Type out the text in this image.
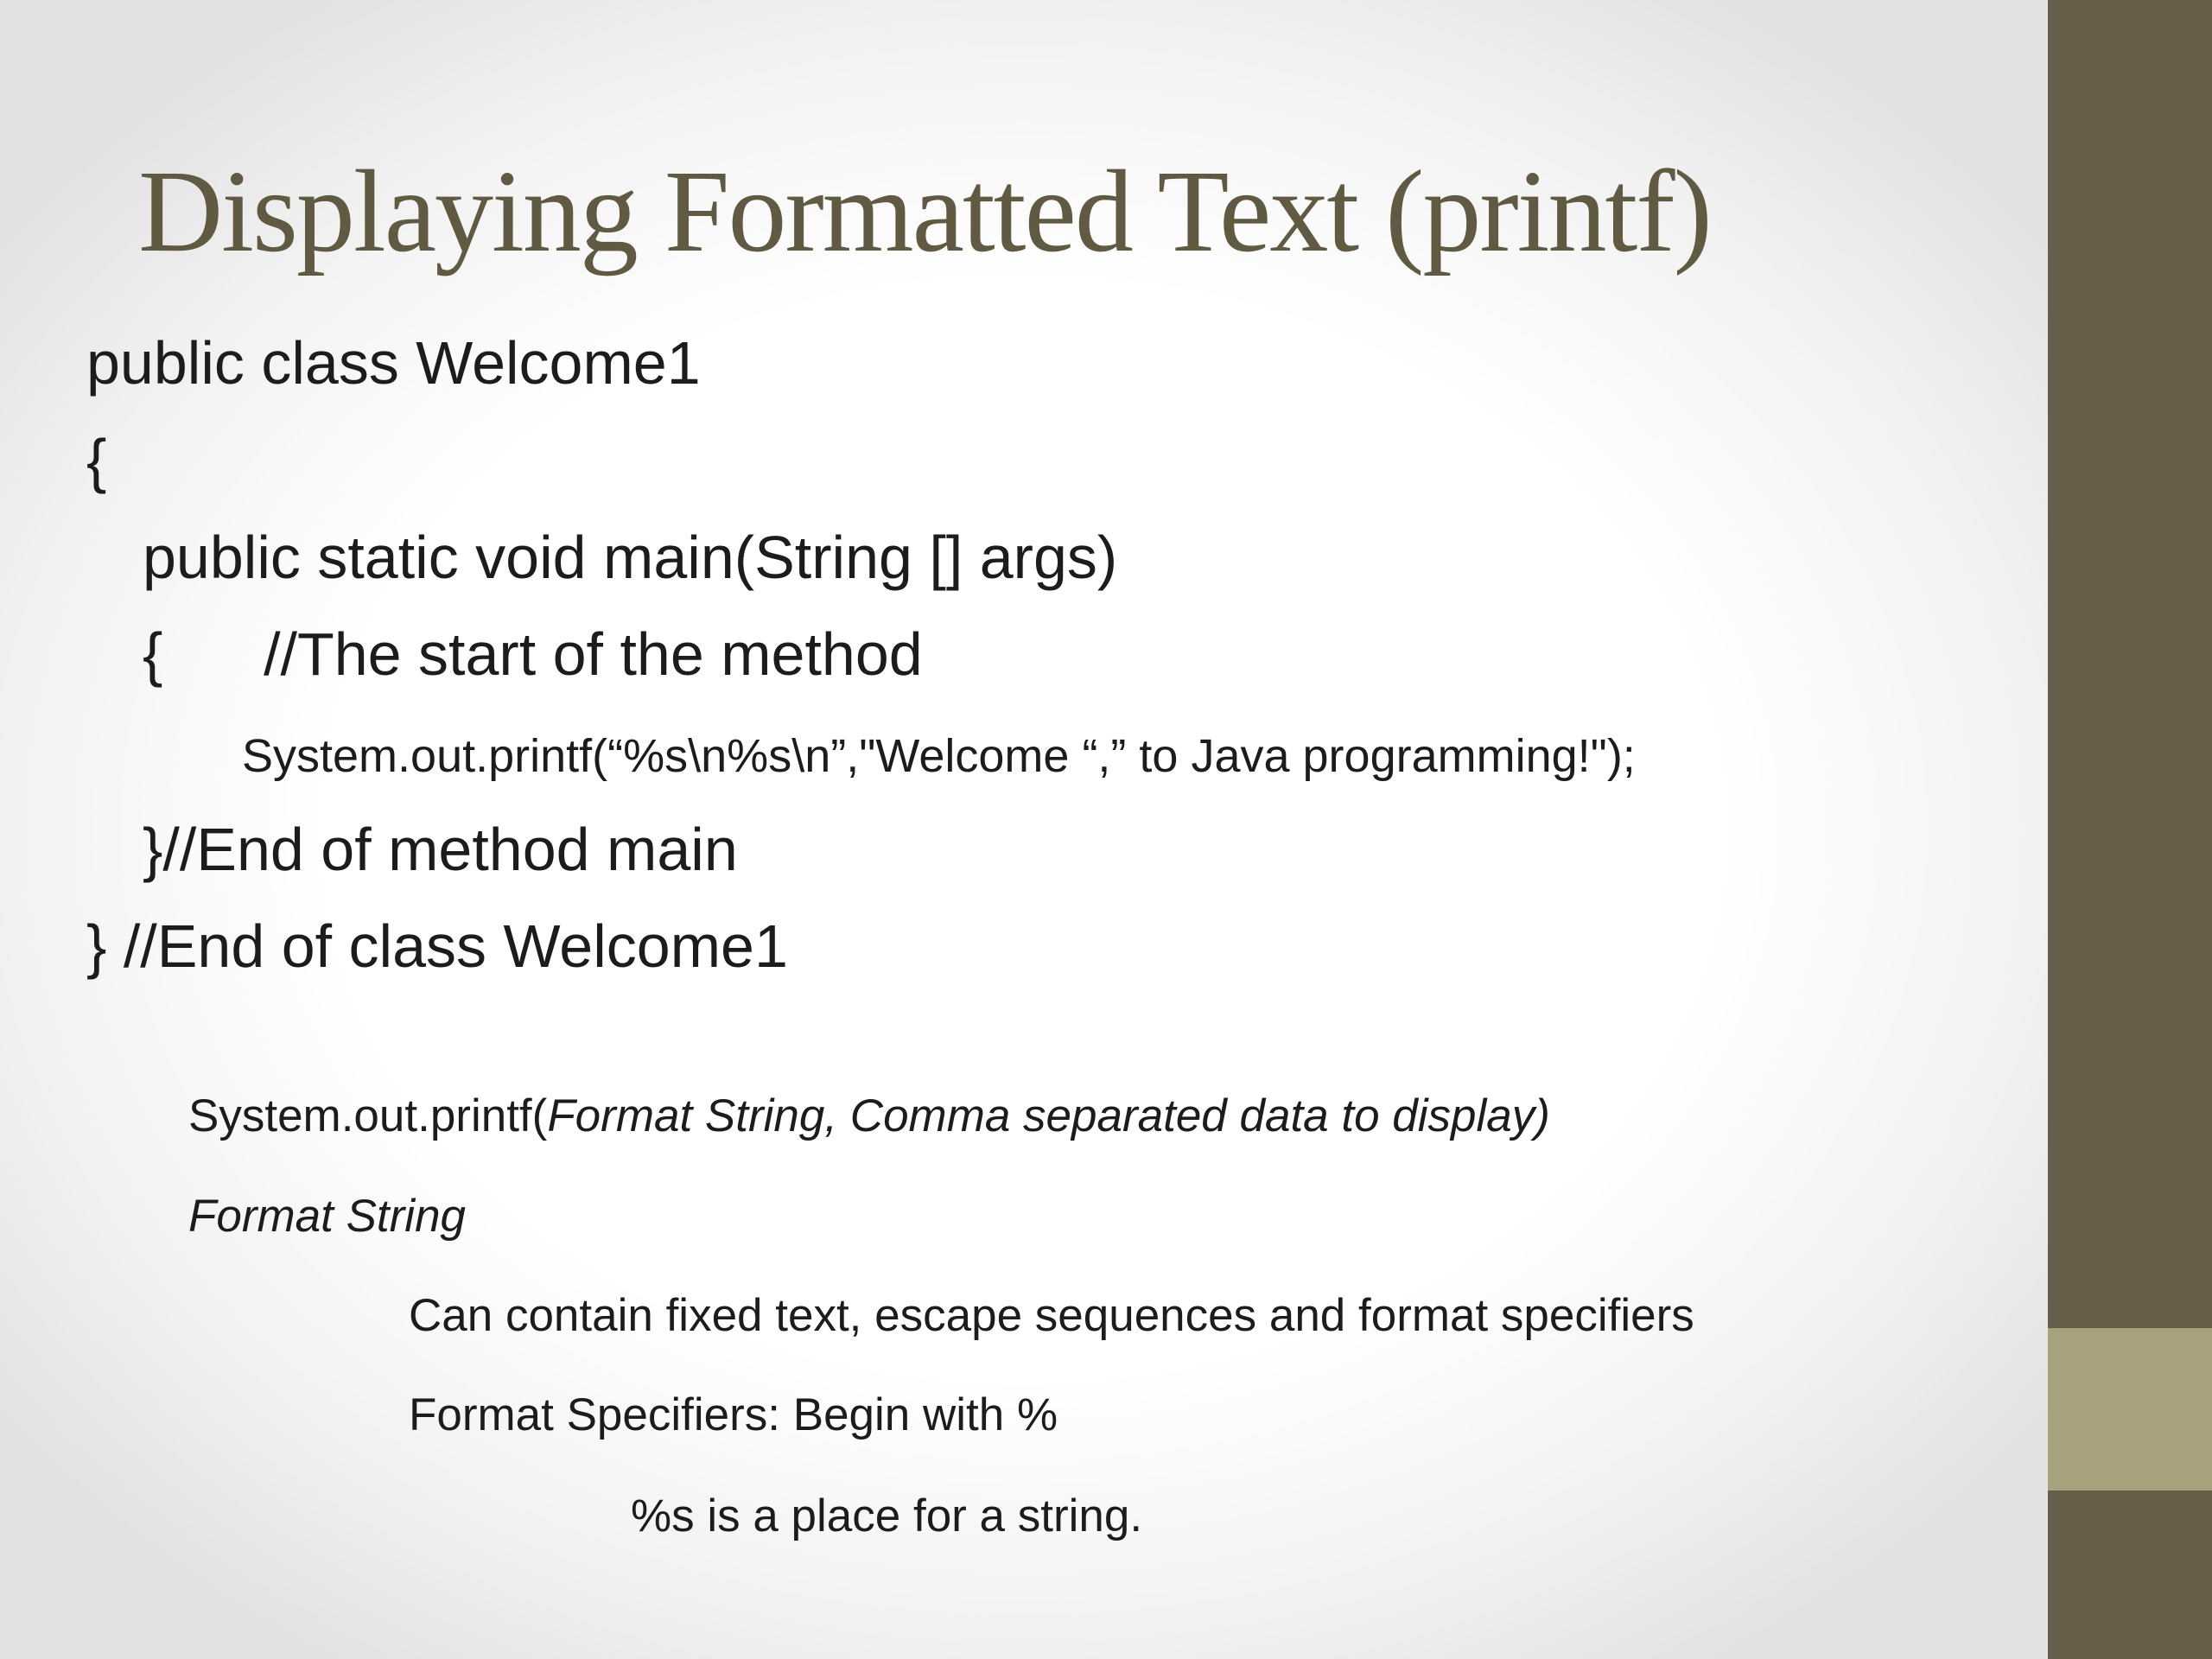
Displaying Formatted Text (printf)
public class Welcome1
{
public static void main(String [] args)
{      //The start of the method
System.out.printf(“%s\n%s\n”,"Welcome “,” to Java programming!");
}//End of method main
} //End of class Welcome1
System.out.printf(Format String, Comma separated data to display)
Format String
Can contain fixed text, escape sequences and format specifiers
Format Specifiers: Begin with %
%s is a place for a string.
